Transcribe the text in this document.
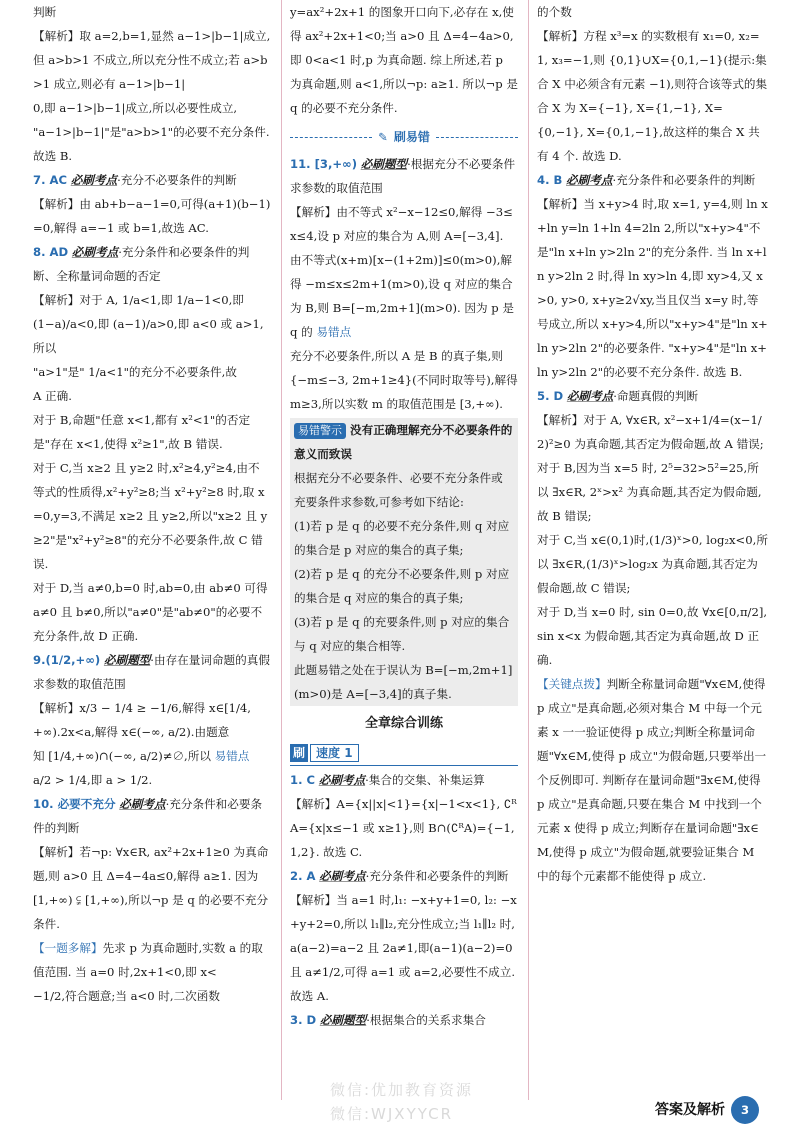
判断

【解析】取 a=2,b=1,显然 a−1>|b−1|成立,但 a>b>1 不成立,所以充分性不成立;若 a>b>1 成立,则必有 a−1>|b−1|

0,即 a−1>|b−1|成立,所以必要性成立,

"a−1>|b−1|"是"a>b>1"的必要不充分条件. 故选 B.

7. AC 必刷考点·充分不必要条件的判断

【解析】由 ab+b−a−1=0,可得(a+1)(b−1)=0,解得 a=−1 或 b=1,故选 AC.

8. AD 必刷考点·充分条件和必要条件的判断、全称量词命题的否定

【解析】对于 A, 1/a<1,即 1/a−1<0,即

(1−a)/a<0,即 (a−1)/a>0,即 a<0 或 a>1,所以

"a>1"是" 1/a<1"的充分不必要条件,故

A 正确.

对于 B,命题"任意 x<1,都有 x²<1"的否定是"存在 x<1,使得 x²≥1",故 B 错误.

对于 C,当 x≥2 且 y≥2 时,x²≥4,y²≥4,由不等式的性质得,x²+y²≥8;当 x²+y²≥8 时,取 x=0,y=3,不满足 x≥2 且 y≥2,所以"x≥2 且 y≥2"是"x²+y²≥8"的充分不必要条件,故 C 错误.

对于 D,当 a≠0,b=0 时,ab=0,由 ab≠0 可得 a≠0 且 b≠0,所以"a≠0"是"ab≠0"的必要不充分条件,故 D 正确.

9.(1/2,+∞) 必刷题型·由存在量词命题的真假求参数的取值范围

【解析】x/3 − 1/4 ≥ −1/6,解得 x∈[1/4,

+∞).2x<a,解得 x∈(−∞, a/2).由题意

知 [1/4,+∞)∩(−∞, a/2)≠∅,所以 易错点

a/2 > 1/4,即 a > 1/2.

10. 必要不充分 必刷考点·充分条件和必要条件的判断

【解析】若¬p: ∀x∈R, ax²+2x+1≥0 为真命题,则 a>0 且 Δ=4−4a≤0,解得 a≥1. 因为 [1,+∞) ⫋ [1,+∞),所以¬p 是 q 的必要不充分条件.

【一题多解】先求 p 为真命题时,实数 a 的取值范围. 当 a=0 时,2x+1<0,即 x<

−1/2,符合题意;当 a<0 时,二次函数

y=ax²+2x+1 的图象开口向下,必存在 x,使得 ax²+2x+1<0;当 a>0 且 Δ=4−4a>0,即 0<a<1 时,p 为真命题. 综上所述,若 p 为真命题,则 a<1,所以¬p: a≥1. 所以¬p 是 q 的必要不充分条件.

✎ 刷易错

11. [3,+∞) 必刷题型·根据充分不必要条件求参数的取值范围

【解析】由不等式 x²−x−12≤0,解得 −3≤x≤4,设 p 对应的集合为 A,则 A=[−3,4]. 由不等式(x+m)[x−(1+2m)]≤0(m>0),解得 −m≤x≤2m+1(m>0),设 q 对应的集合为 B,则 B=[−m,2m+1](m>0). 因为 p 是 q 的 易错点

充分不必要条件,所以 A 是 B 的真子集,则 {−m≤−3, 2m+1≥4}(不同时取等号),解得 m≥3,所以实数 m 的取值范围是 [3,+∞).

易错警示 没有正确理解充分不必要条件的意义而致误

根据充分不必要条件、必要不充分条件或充要条件求参数,可参考如下结论:

(1)若 p 是 q 的必要不充分条件,则 q 对应的集合是 p 对应的集合的真子集;

(2)若 p 是 q 的充分不必要条件,则 p 对应的集合是 q 对应的集合的真子集;

(3)若 p 是 q 的充要条件,则 p 对应的集合与 q 对应的集合相等.

此题易错之处在于误认为 B=[−m,2m+1](m>0)是 A=[−3,4]的真子集.

全章综合训练
刷 速度 1

1. C 必刷考点·集合的交集、补集运算

【解析】A={x||x|<1}={x|−1<x<1}, ∁ᴿA={x|x≤−1 或 x≥1},则 B∩(∁ᴿA)={−1,1,2}. 故选 C.

2. A 必刷考点·充分条件和必要条件的判断

【解析】当 a=1 时,l₁: −x+y+1=0, l₂: −x+y+2=0,所以 l₁∥l₂,充分性成立;当 l₁∥l₂ 时,a(a−2)=a−2 且 2a≠1,即(a−1)(a−2)=0 且 a≠1/2,可得 a=1 或 a=2,必要性不成立. 故选 A.

3. D 必刷题型·根据集合的关系求集合

的个数

【解析】方程 x³=x 的实数根有 x₁=0, x₂=1, x₃=−1,则 {0,1}∪X={0,1,−1}(提示:集合 X 中必须含有元素 −1),则符合该等式的集合 X 为 X={−1}, X={1,−1}, X={0,−1}, X={0,1,−1},故这样的集合 X 共有 4 个. 故选 D.

4. B 必刷考点·充分条件和必要条件的判断

【解析】当 x+y>4 时,取 x=1, y=4,则 ln x+ln y=ln 1+ln 4=2ln 2,所以"x+y>4"不是"ln x+ln y>2ln 2"的充分条件. 当 ln x+ln y>2ln 2 时,得 ln xy>ln 4,即 xy>4,又 x>0, y>0, x+y≥2√xy,当且仅当 x=y 时,等号成立,所以 x+y>4,所以"x+y>4"是"ln x+ln y>2ln 2"的必要条件. "x+y>4"是"ln x+ln y>2ln 2"的必要不充分条件. 故选 B.

5. D 必刷考点·命题真假的判断

【解析】对于 A, ∀x∈R, x²−x+1/4=(x−1/2)²≥0 为真命题,其否定为假命题,故 A 错误;

对于 B,因为当 x=5 时, 2⁵=32>5²=25,所以 ∃x∈R, 2ˣ>x² 为真命题,其否定为假命题,故 B 错误;

对于 C,当 x∈(0,1)时,(1/3)ˣ>0, log₂x<0,所以 ∃x∈R,(1/3)ˣ>log₂x 为真命题,其否定为假命题,故 C 错误;

对于 D,当 x=0 时, sin 0=0,故 ∀x∈[0,π/2], sin x<x 为假命题,其否定为真命题,故 D 正确.

【关键点拨】判断全称量词命题"∀x∈M,使得 p 成立"是真命题,必须对集合 M 中每一个元素 x 一一验证使得 p 成立;判断全称量词命题"∀x∈M,使得 p 成立"为假命题,只要举出一个反例即可. 判断存在量词命题"∃x∈M,使得 p 成立"是真命题,只要在集合 M 中找到一个元素 x 使得 p 成立;判断存在量词命题"∃x∈M,使得 p 成立"为假命题,就要验证集合 M 中的每个元素都不能使得 p 成立.

微信:优加教育资源
微信:WJXYYCR	答案及解析	3
